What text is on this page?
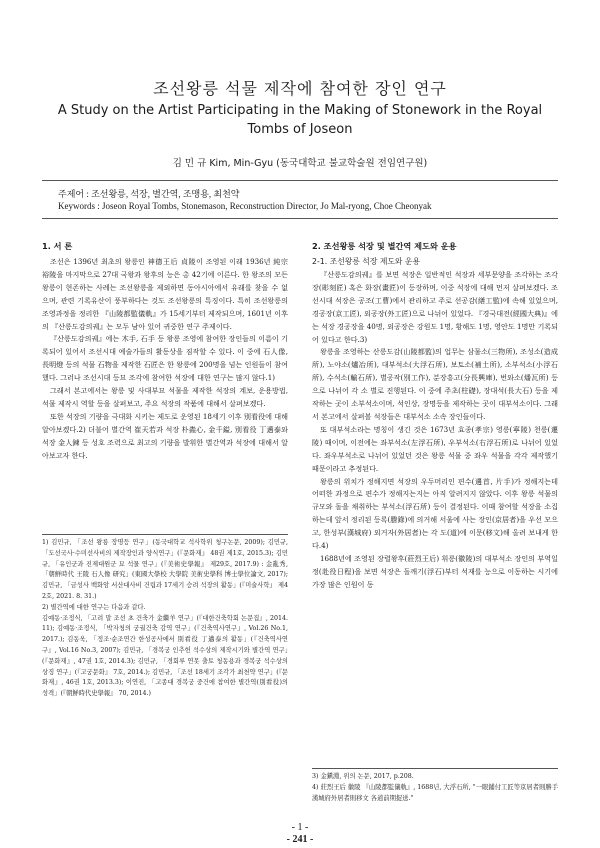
조선왕릉 석물 제작에 참여한 장인 연구
A Study on the Artist Participating in the Making of Stonework in the Royal Tombs of Joseon
김 민 규 Kim, Min-Gyu (동국대학교 불교학술원 전임연구원)
주제어 : 조선왕릉, 석장, 별간역, 조맹용, 최천약
Keywords : Joseon Royal Tombs, Stonemason, Reconstruction Director, Jo Mal-ryong, Choe Cheonyak
1. 서 론

조선은 1396년 최초의 왕릉인 神德王后 貞陵이 조영된 이래 1936년 純宗 裕陵을 마지막으로 27대 국왕과 왕후의 능은 총 42기에 이른다. 한 왕조의 모든 왕릉이 현존하는 사례는 조선왕릉을 제외하면 동아시아에서 유래를 찾을 수 없으며, 관련 기록유산이 풍부하다는 것도 조선왕릉의 특징이다. 특히 조선왕릉의 조영과정을 정리한 『山陵都監儀軌』가 15세기부터 제작되으며, 1601년 이후의 『산릉도감의궤』는 모두 남아 있어 귀중한 연구 주제이다.

『산릉도감의궤』에는 木手, 石手 등 왕릉 조영에 참여한 장인들의 이름이 기록되어 있어서 조선시대 예술가들의 활동상을 짐작할 수 있다. 이 중에 石人像, 長明燈 등의 석물 石物을 제작한 石匠은 한 왕릉에 200명을 넘는 인원들이 참여했다. 그러나 조선시대 등묘 조각에 참여한 석장에 대한 연구는 많지 않다.1)

그래서 본고에서는 왕릉 및 사대부묘 석물을 제작한 석장의 계보, 운용방법, 석물 제작시 역할 등을 살펴보고, 주요 석장의 작품에 대해서 살펴보겠다.

또한 석장의 기량을 극대화 시키는 제도로 운영된 18세기 이후 別看役에 대해 알아보겠다.2) 더불어 별간역 崔天若과 석장 朴㽓心, 金千鎰, 別看役 丁邁泰와 석장 金人鍊 등 성호 조력으로 최고의 기량을 발휘한 별간역과 석장에 대해서 알아보고자 한다.

1) 김민규, 「조선 왕릉 장명등 연구」(동국대학교 석사학위 청구논문, 2009); 김민규, 「도선국사·수미선사비의 제작장인과 양식연구」(『문화재』 48권 제1호, 2015.3); 김민규, 「유인군과 진제대원군 묘 석물 연구」(『美術史學報』 제29호, 2017.9) : 金亂秀, 「朝鮮時代 王陵 石人像 研究」(東國大學校 大學院 美術史學科 博士學位論文, 2017); 김민규, 「금성사 백화암 서산대사비 건립과 17세기 승려 석장의 활동」(『미술사학』 제42호, 2021. 8. 31.)

2) 별간역에 대한 연구는 다음과 같다.

김예동·조정식, 「고려 말 조선 초 건축가 金繼羊 연구」(『대한건축학회 논문집』, 2014.11); 김예동·조정식, 「박자청의 궁궐건축 감역 연구」(『건축역사연구』, Vol.26 No.1, 2017.); 김동욱, 「정조·순조연간 한성공사에서 別看役 丁邁泰의 활동」(『건축역사연구』, Vol.16 No.3, 2007); 김민규, 「경복궁 인추헌 석수상의 제작시기와 별간역 연구」(『문화재』, 47권 1호, 2014.3); 김민규, 「경회루 연못 출토 청동용과 경복궁 석수상의 상징 연구」(『고궁문화』 7호, 2014.); 김민규, 「조선 18세기 조각가 최천약 연구」(『문화재』, 46권 1호, 2013.3); 이연진, 「고종대 경복궁 중건에 참여한 별간역(別看役)의 성격」(『朝鮮時代史學報』 70, 2014.)

2. 조선왕릉 석장 및 별간역 제도와 운용
2-1. 조선왕릉 석장 제도와 운용

『산릉도감의궤』를 보면 석장은 일반적인 석장과 세부문양을 조각하는 조각장(彫刻匠) 혹은 화장(畫匠)이 등장하며, 이중 석장에 대해 먼저 살펴보겠다. 조선시대 석장은 공조(工曹)에서 관리하고 주로 선공감(繕工監)에 속해 있었으며, 경공장(京工匠), 외공장(外工匠)으로 나뉘어 있었다. 『경국대전(經國大典)』에는 석장 경공장을 40명, 외공장은 강원도 1명, 황해도 1명, 영안도 1명만 기록되어 있다고 한다.3)

왕릉을 조영하는 산릉도감(山陵都監)의 업무는 삼물소(三物所), 조성소(造成所), 노야소(爐冶所), 대부석소(大浮石所), 보토소(補土所), 소부석소(小浮石所), 수석소(輸石所), 별공작(別工作), 분장흥고(分長興庫), 번와소(燔瓦所) 등으로 나뉘어 각 소 별로 진행된다. 이 중에 주초(柱礎), 장대석(長大石) 등을 제작하는 곳이 소부석소이며, 석인상, 장명등을 제작하는 곳이 대부석소이다. 그래서 본고에서 살펴볼 석장들은 대부석소 소속 장인들이다.

또 대부석소라는 명칭이 생긴 것은 1673년 효종(孝宗) 영릉(寧陵) 천릉(遷陵) 때이며, 이전에는 좌부석소(左浮石所), 우부석소(右浮石所)로 나뉘어 있었다. 좌우부석소로 나뉘어 있었던 것은 왕릉 석물 중 좌우 석물을 각각 제작했기 때문이라고 추정된다.

왕릉의 위치가 정해지면 석장의 우두머리인 편수(邊首, 片手)가 정해지는데 어떠한 과정으로 편수가 정해지는지는 아직 알려지지 않았다. 이후 왕릉 석물의 규모와 돌을 채취하는 부석소(浮石所) 등이 결정된다. 이때 참여할 석장을 소집하는데 앞서 정리된 등록(謄錄)에 의거해 서울에 사는 장인(京居者)을 우선 모으고, 한성부(漢城府) 외거자(外居者)는 각 도(道)에 이문(移文)해 올려 보내게 한다.4)

1688년에 조영된 장렬왕후(莊烈王后) 휘릉(徽陵)의 대부석소 장인의 부역일정(赴役日程)을 보면 석장은 돌깨기(浮石)부터 석재를 능으로 이동하는 시기에 가장 많은 인원이 동

3) 金鎭淵, 위의 논문, 2017, p.208.

4) 莊烈王后 徽陵 『山陵都監儀軌』, 1688년, 大浮石所, "一眼鋪付工匠等京居者則勝手 漢城府外居者則移文 各道前期捉送."

- 1 -
- 241 -
